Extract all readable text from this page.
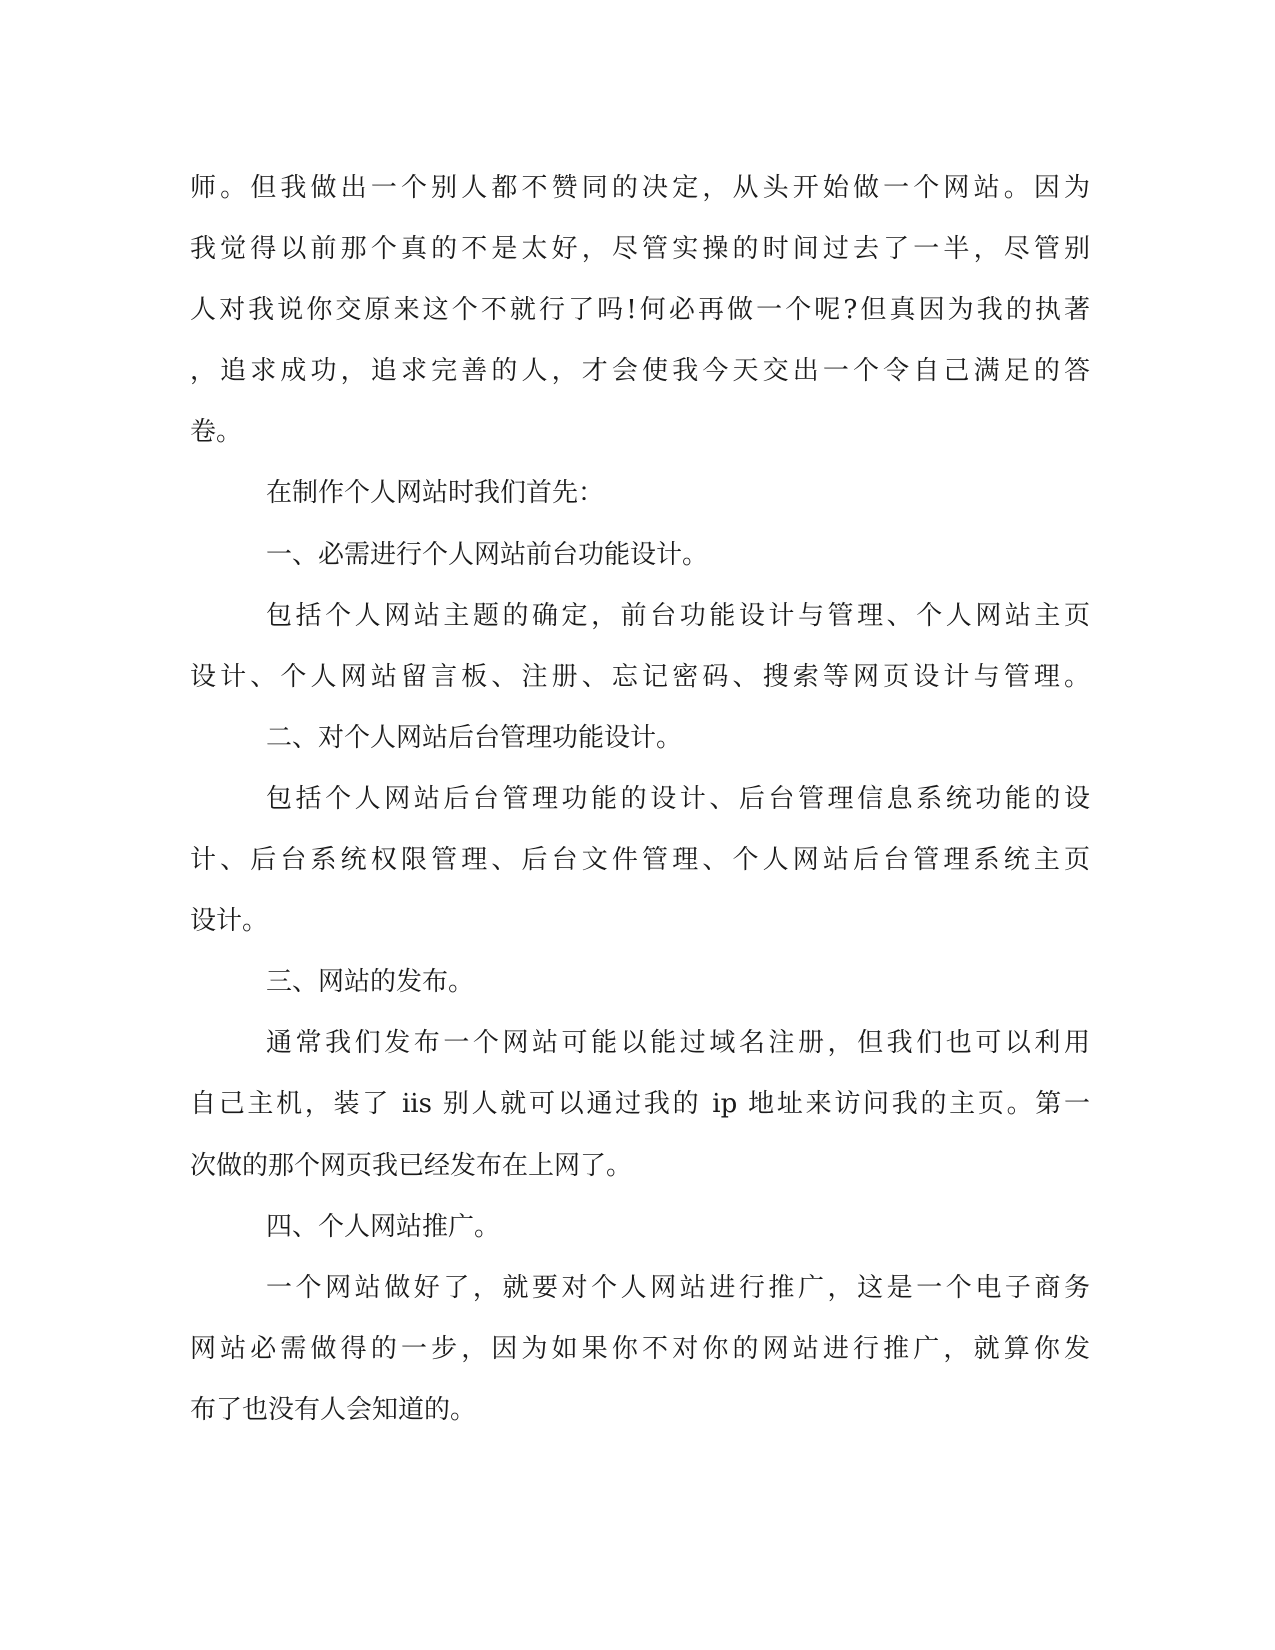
师。但我做出一个别人都不赞同的决定，从头开始做一个网站。因为
我觉得以前那个真的不是太好，尽管实操的时间过去了一半，尽管别
人对我说你交原来这个不就行了吗!何必再做一个呢?但真因为我的执著
，追求成功，追求完善的人，才会使我今天交出一个令自己满足的答
卷。
在制作个人网站时我们首先：
一、必需进行个人网站前台功能设计。
包括个人网站主题的确定，前台功能设计与管理、个人网站主页
设计、个人网站留言板、注册、忘记密码、搜索等网页设计与管理。
二、对个人网站后台管理功能设计。
包括个人网站后台管理功能的设计、后台管理信息系统功能的设
计、后台系统权限管理、后台文件管理、个人网站后台管理系统主页
设计。
三、网站的发布。
通常我们发布一个网站可能以能过域名注册，但我们也可以利用
自己主机，装了 iis 别人就可以通过我的 ip 地址来访问我的主页。第一
次做的那个网页我已经发布在上网了。
四、个人网站推广。
一个网站做好了，就要对个人网站进行推广，这是一个电子商务
网站必需做得的一步，因为如果你不对你的网站进行推广，就算你发
布了也没有人会知道的。
